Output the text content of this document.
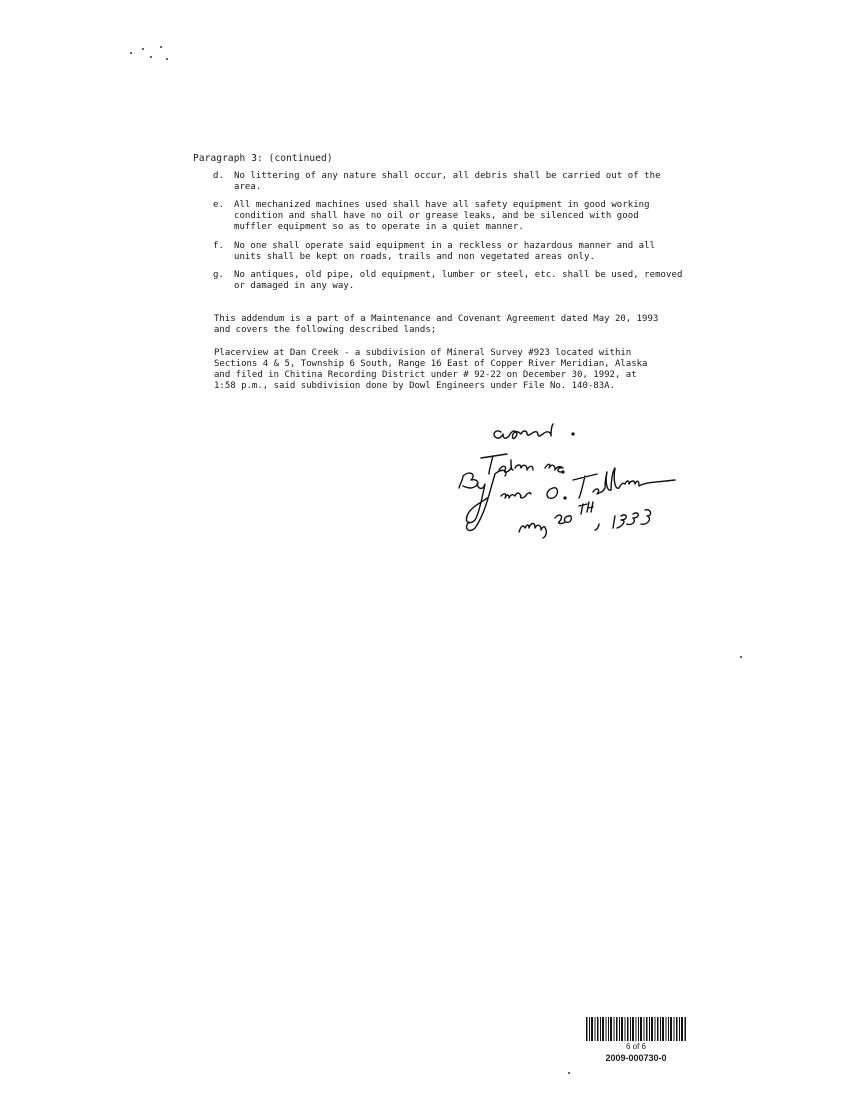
Paragraph 3: (continued)
d.	No littering of any nature shall occur, all debris shall be carried out of the
area.
e.	All mechanized machines used shall have all safety equipment in good working
condition and shall have no oil or grease leaks, and be silenced with good
muffler equipment so as to operate in a quiet manner.
f.	No one shall operate said equipment in a reckless or hazardous manner and all
units shall be kept on roads, trails and non vegetated areas only.
g.	No antiques, old pipe, old equipment, lumber or steel, etc. shall be used, removed
or damaged in any way.
This addendum is a part of a Maintenance and Covenant Agreement dated May 20, 1993
and covers the following described lands;
Placerview at Dan Creek - a subdivision of Mineral Survey #923 located within
Sections 4 & 5, Township 6 South, Range 16 East of Copper River Meridian, Alaska
and filed in Chitina Recording District under # 92-22 on December 30, 1992, at
1:58 p.m., said subdivision done by Dowl Engineers under File No. 140-83A.
6 of 6
2009-000730-0
